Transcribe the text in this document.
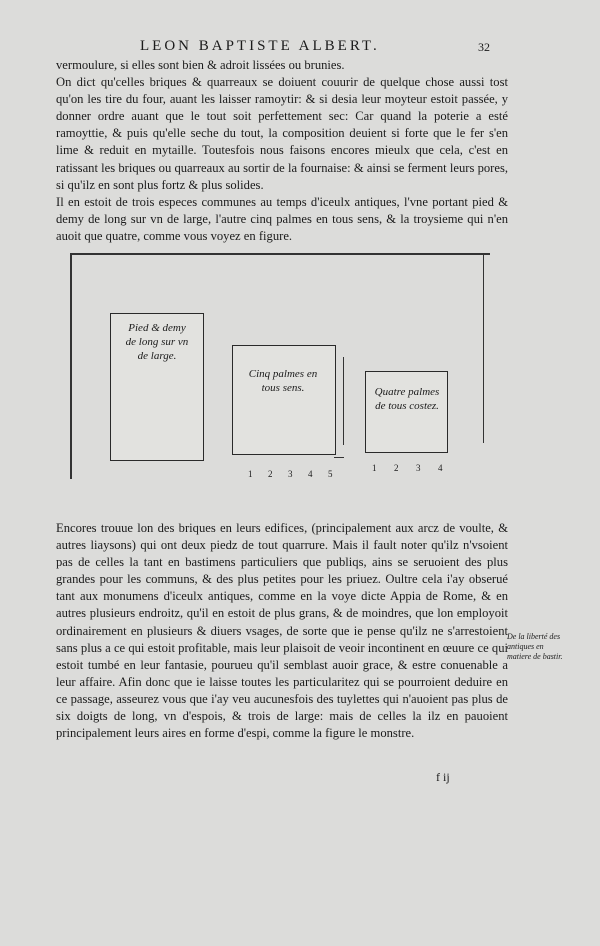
LEON BAPTISTE ALBERT.	32

vermoulure, si elles sont bien & adroit lissées ou brunies.

On dict qu'celles briques & quarreaux se doiuent couurir de quelque chose aussi tost qu'on les tire du four, auant les laisser ramoytir: & si desia leur moyteur estoit passée, y donner ordre auant que le tout soit perfettement sec: Car quand la poterie a esté ramoyttie, & puis qu'elle seche du tout, la composition deuient si forte que le fer s'en lime & reduit en mytaille. Toutesfois nous faisons encores mieulx que cela, c'est en ratissant les briques ou quarreaux au sortir de la fournaise: & ainsi se ferment leurs pores, si qu'ilz en sont plus fortz & plus solides.

Il en estoit de trois especes communes au temps d'iceulx antiques, l'vne portant pied & demy de long sur vn de large, l'autre cinq palmes en tous sens, & la troysieme qui n'en auoit que quatre, comme vous voyez en figure.

Pied & demy de long sur vn de large.
Cinq palmes en tous sens.	Quatre palmes de tous costez.
1 2 3 4 5
1 2 3 4

Encores trouue lon des briques en leurs edifices, (principalement aux arcz de voulte, & autres liaysons) qui ont deux piedz de tout quarrure. Mais il fault noter qu'ilz n'vsoient pas de celles la tant en bastimens particuliers que publiqs, ains se seruoient des plus grandes pour les communs, & des plus petites pour les priuez. Oultre cela i'ay obserué tant aux monumens d'iceulx antiques, comme en la voye dicte Appia de Rome, & en autres plusieurs endroitz, qu'il en estoit de plus grans, & de moindres, que lon employoit ordinairement en plusieurs & diuers vsages, de sorte que ie pense qu'ilz ne s'arrestoient sans plus a ce qui estoit profitable, mais leur plaisoit de veoir incontinent en œuure ce qui estoit tumbé en leur fantasie, pourueu qu'il semblast auoir grace, & estre conuenable a leur affaire. Afin donc que ie laisse toutes les particularitez qui se pourroient deduire en ce passage, asseurez vous que i'ay veu aucunesfois des tuylettes qui n'auoient pas plus de six doigts de long, vn d'espois, & trois de large: mais de celles la ilz en pauoient principalement leurs aires en forme d'espi, comme la figure le monstre.

De la liberté des antiques en matiere de bastir.
f ij
